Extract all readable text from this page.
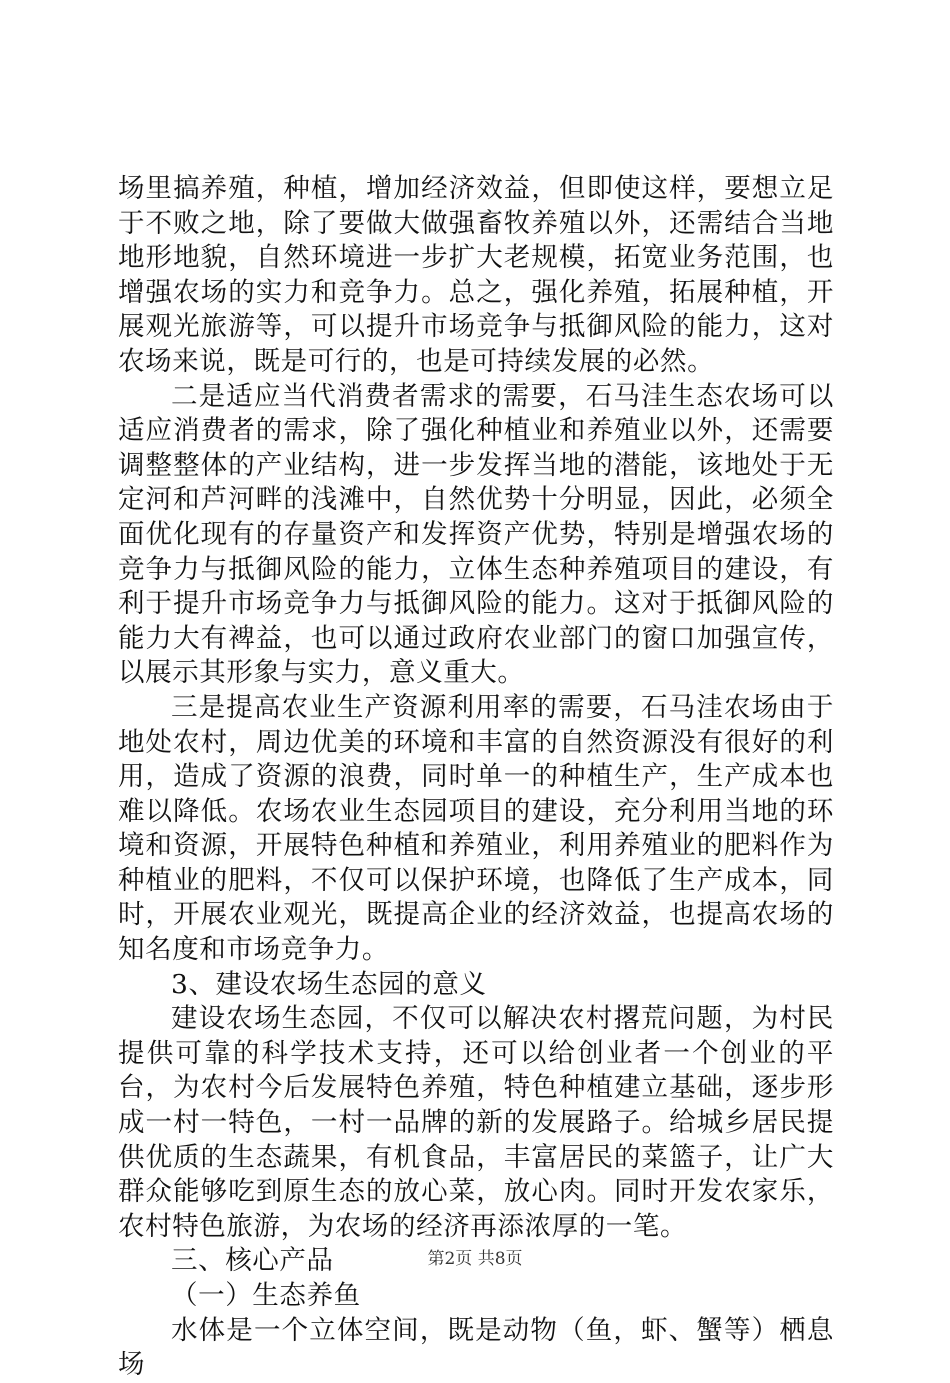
场里搞养殖，种植，增加经济效益，但即使这样，要想立足于不败之地，除了要做大做强畜牧养殖以外，还需结合当地地形地貌，自然环境进一步扩大老规模，拓宽业务范围，也增强农场的实力和竞争力。总之，强化养殖，拓展种植，开展观光旅游等，可以提升市场竞争与抵御风险的能力，这对农场来说，既是可行的，也是可持续发展的必然。

二是适应当代消费者需求的需要，石马洼生态农场可以适应消费者的需求，除了强化种植业和养殖业以外，还需要调整整体的产业结构，进一步发挥当地的潜能，该地处于无定河和芦河畔的浅滩中，自然优势十分明显，因此，必须全面优化现有的存量资产和发挥资产优势，特别是增强农场的竞争力与抵御风险的能力，立体生态种养殖项目的建设，有利于提升市场竞争力与抵御风险的能力。这对于抵御风险的能力大有裨益，也可以通过政府农业部门的窗口加强宣传，以展示其形象与实力，意义重大。

三是提高农业生产资源利用率的需要，石马洼农场由于地处农村，周边优美的环境和丰富的自然资源没有很好的利用，造成了资源的浪费，同时单一的种植生产，生产成本也难以降低。农场农业生态园项目的建设，充分利用当地的环境和资源，开展特色种植和养殖业，利用养殖业的肥料作为种植业的肥料，不仅可以保护环境，也降低了生产成本，同时，开展农业观光，既提高企业的经济效益，也提高农场的知名度和市场竞争力。

3、建设农场生态园的意义

建设农场生态园，不仅可以解决农村撂荒问题，为村民提供可靠的科学技术支持，还可以给创业者一个创业的平台，为农村今后发展特色养殖，特色种植建立基础，逐步形成一村一特色，一村一品牌的新的发展路子。给城乡居民提供优质的生态蔬果，有机食品，丰富居民的菜篮子，让广大群众能够吃到原生态的放心菜，放心肉。同时开发农家乐，农村特色旅游，为农场的经济再添浓厚的一笔。

三、核心产品

（一）生态养鱼

水体是一个立体空间，既是动物（鱼，虾、蟹等）栖息场

第2页 共8页
